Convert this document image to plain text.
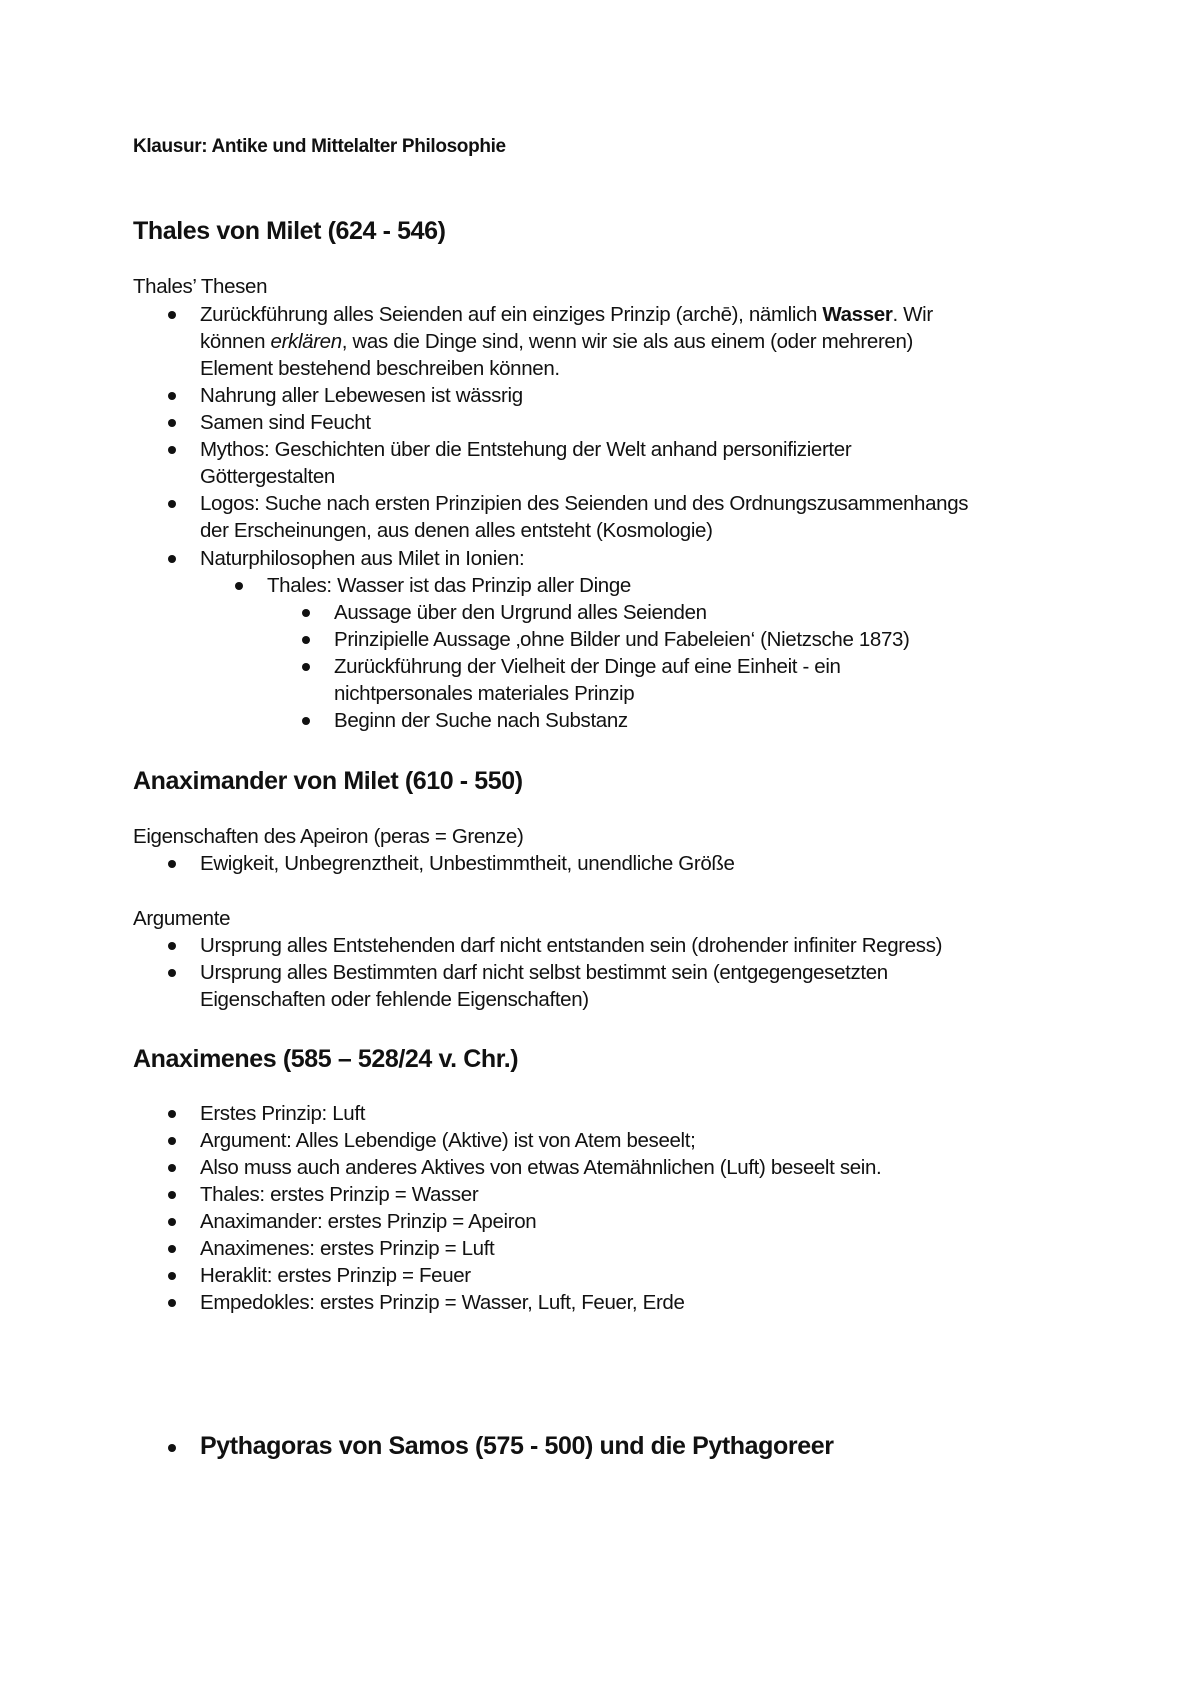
Klausur: Antike und Mittelalter Philosophie
Thales von Milet (624 - 546)
Thales’ Thesen
Zurückführung alles Seienden auf ein einziges Prinzip (archē), nämlich Wasser. Wir
können erklären, was die Dinge sind, wenn wir sie als aus einem (oder mehreren)
Element bestehend beschreiben können.
Nahrung aller Lebewesen ist wässrig
Samen sind Feucht
Mythos: Geschichten über die Entstehung der Welt anhand personifizierter
Göttergestalten
Logos: Suche nach ersten Prinzipien des Seienden und des Ordnungszusammenhangs
der Erscheinungen, aus denen alles entsteht (Kosmologie)
Naturphilosophen aus Milet in Ionien:
Thales: Wasser ist das Prinzip aller Dinge
Aussage über den Urgrund alles Seienden
Prinzipielle Aussage ‚ohne Bilder und Fabeleien‘ (Nietzsche 1873)
Zurückführung der Vielheit der Dinge auf eine Einheit - ein
nichtpersonales materiales Prinzip
Beginn der Suche nach Substanz
Anaximander von Milet (610 - 550)
Eigenschaften des Apeiron (peras = Grenze)
Ewigkeit, Unbegrenztheit, Unbestimmtheit, unendliche Größe
Argumente
Ursprung alles Entstehenden darf nicht entstanden sein (drohender infiniter Regress)
Ursprung alles Bestimmten darf nicht selbst bestimmt sein (entgegengesetzten
Eigenschaften oder fehlende Eigenschaften)
Anaximenes (585 – 528/24 v. Chr.)
Erstes Prinzip: Luft
Argument: Alles Lebendige (Aktive) ist von Atem beseelt;
Also muss auch anderes Aktives von etwas Atemähnlichen (Luft) beseelt sein.
Thales: erstes Prinzip = Wasser
Anaximander: erstes Prinzip = Apeiron
Anaximenes: erstes Prinzip = Luft
Heraklit: erstes Prinzip = Feuer
Empedokles: erstes Prinzip = Wasser, Luft, Feuer, Erde
Pythagoras von Samos (575 - 500) und die Pythagoreer
